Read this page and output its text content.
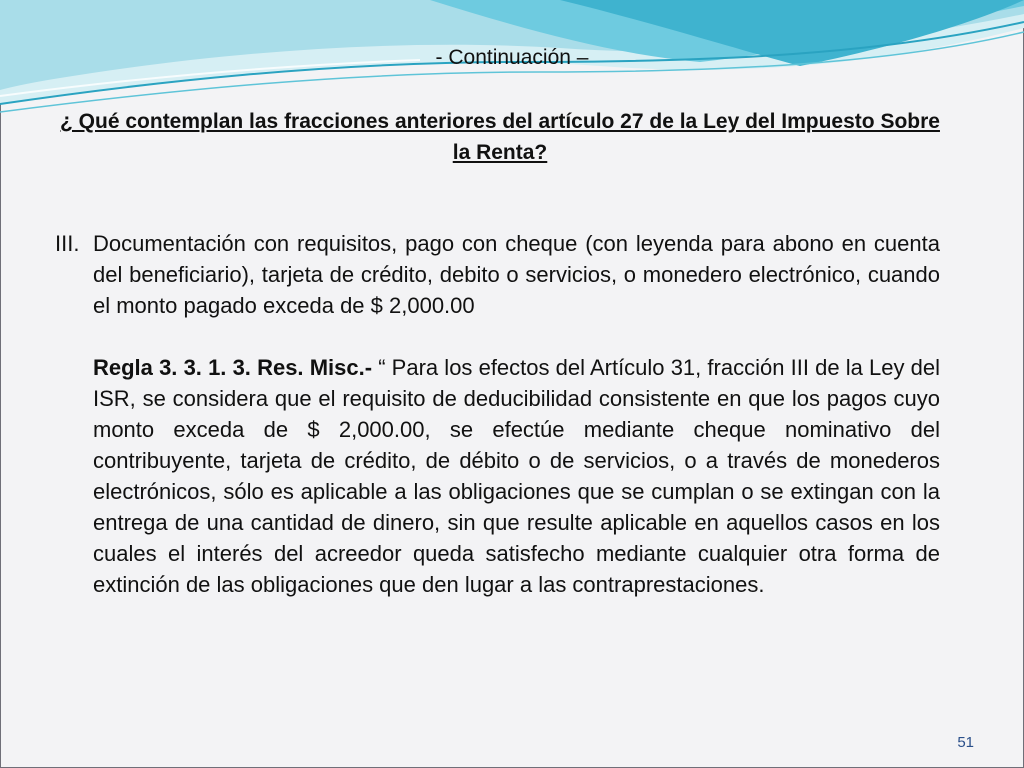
- Continuación –
¿ Qué contemplan las fracciones anteriores del artículo 27 de la Ley del Impuesto Sobre la Renta?
III. Documentación con requisitos, pago con cheque (con leyenda para abono en cuenta del beneficiario), tarjeta de crédito, debito o servicios, o monedero electrónico, cuando el monto pagado exceda de $ 2,000.00

Regla 3. 3. 1. 3. Res. Misc.- “ Para los efectos del Artículo 31, fracción III de la Ley del ISR, se considera que el requisito de deducibilidad consistente en que los pagos cuyo monto exceda de $ 2,000.00, se efectúe mediante cheque nominativo del contribuyente, tarjeta de crédito, de débito o de servicios, o a través de monederos electrónicos, sólo es aplicable a las obligaciones que se cumplan o se extingan con la entrega de una cantidad de dinero, sin que resulte aplicable en aquellos casos en los cuales el interés del acreedor queda satisfecho mediante cualquier otra forma de extinción de las obligaciones que den lugar a las contraprestaciones.

51
